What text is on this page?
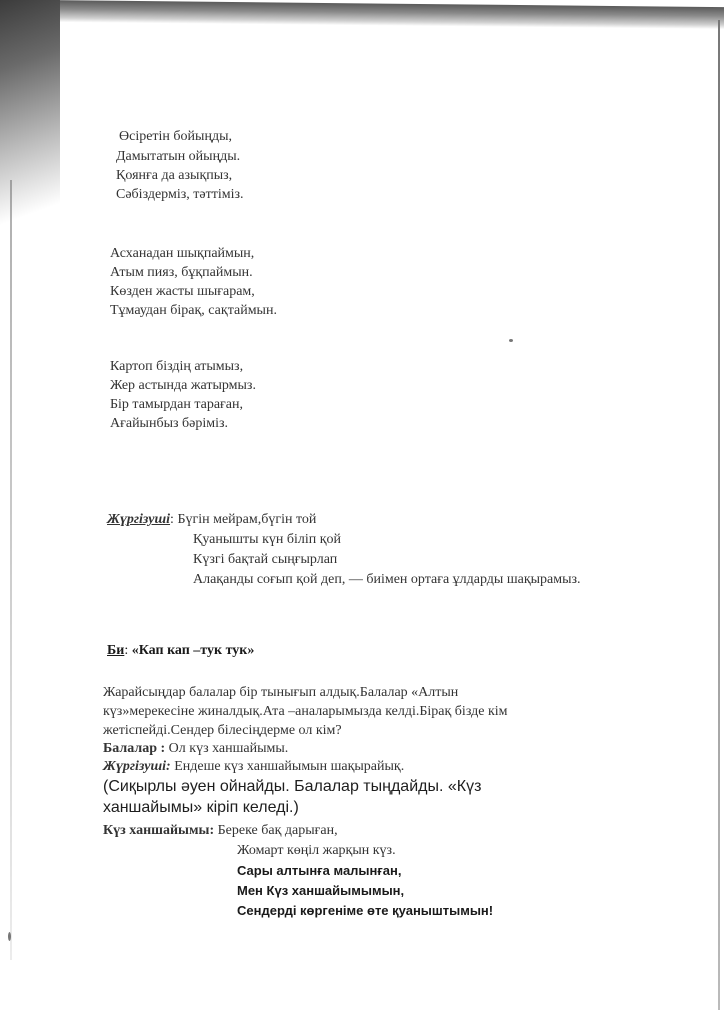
Өсіретін бойыңды,
Дамытатын ойыңды.
Қоянға да азықпыз,
Сәбіздерміз, тәттіміз.
Асханадан шықпаймын,
Атым пияз, бұқпаймын.
Көзден жасты шығарам,
Тұмаудан бірақ, сақтаймын.
Картоп біздің атымыз,
Жер астында жатырмыз.
Бір тамырдан тараған,
Ағайынбыз бәріміз.
Жүргізуші: Бүгін мейрам,бүгін той
Қуанышты күн біліп қой
Күзгі бақтай сыңғырлап
Алақанды соғып қой деп, — биімен ортаға ұлдарды шақырамыз.
Би: «Кап кап –тук тук»
Жарайсыңдар балалар бір тынығып алдық.Балалар «Алтын
күз»мерекесіне жиналдық.Ата –аналарымызда келді.Бірақ бізде кім
жетіспейді.Сендер білесіңдерме ол кім?
Балалар : Ол күз ханшайымы.
Жүргізуші: Ендеше күз ханшайымын шақырайық.
(Сиқырлы әуен ойнайды. Балалар тыңдайды. «Күз
ханшайымы» кіріп келеді.)
Күз ханшайымы: Береке бақ дарыған,
Жомарт көңіл жарқын күз.
Сары алтынға малынған,
Мен Күз ханшайымымын,
Сендерді көргеніме өте қуаныштымын!
